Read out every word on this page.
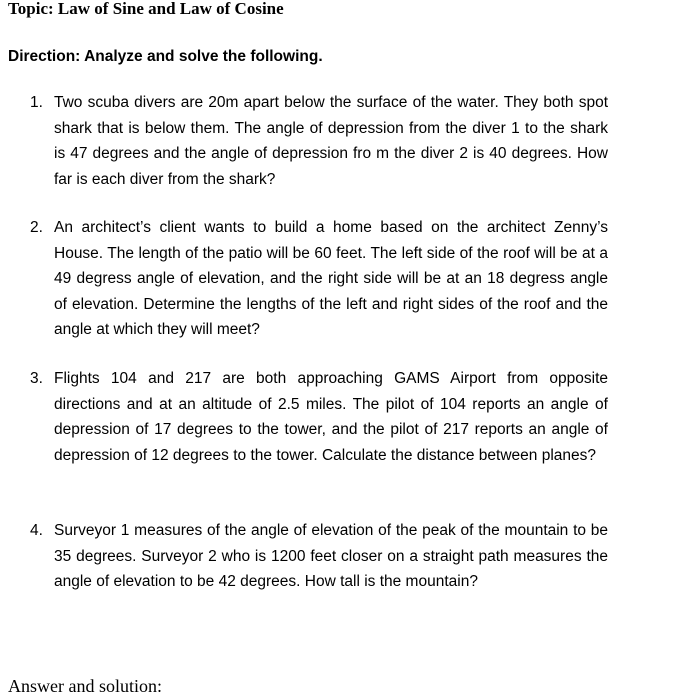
Topic: Law of Sine and Law of Cosine

Direction: Analyze and solve the following.

1. Two scuba divers are 20m apart below the surface of the water. They both spot shark that is below them. The angle of depression from the diver 1 to the shark is 47 degrees and the angle of depression fro m the diver 2 is 40 degrees. How far is each diver from the shark?
2. An architect’s client wants to build a home based on the architect Zenny’s House. The length of the patio will be 60 feet. The left side of the roof will be at a 49 degress angle of elevation, and the right side will be at an 18 degress angle of elevation. Determine the lengths of the left and right sides of the roof and the angle at which they will meet?
3. Flights 104 and 217 are both approaching GAMS Airport from opposite directions and at an altitude of 2.5 miles. The pilot of 104 reports an angle of depression of 17 degrees to the tower, and the pilot of 217 reports an angle of depression of 12 degrees to the tower. Calculate the distance between planes?
4. Surveyor 1 measures of the angle of elevation of the peak of the mountain to be 35 degrees. Surveyor 2 who is 1200 feet closer on a straight path measures the angle of elevation to be 42 degrees. How tall is the mountain?

Answer and solution:
